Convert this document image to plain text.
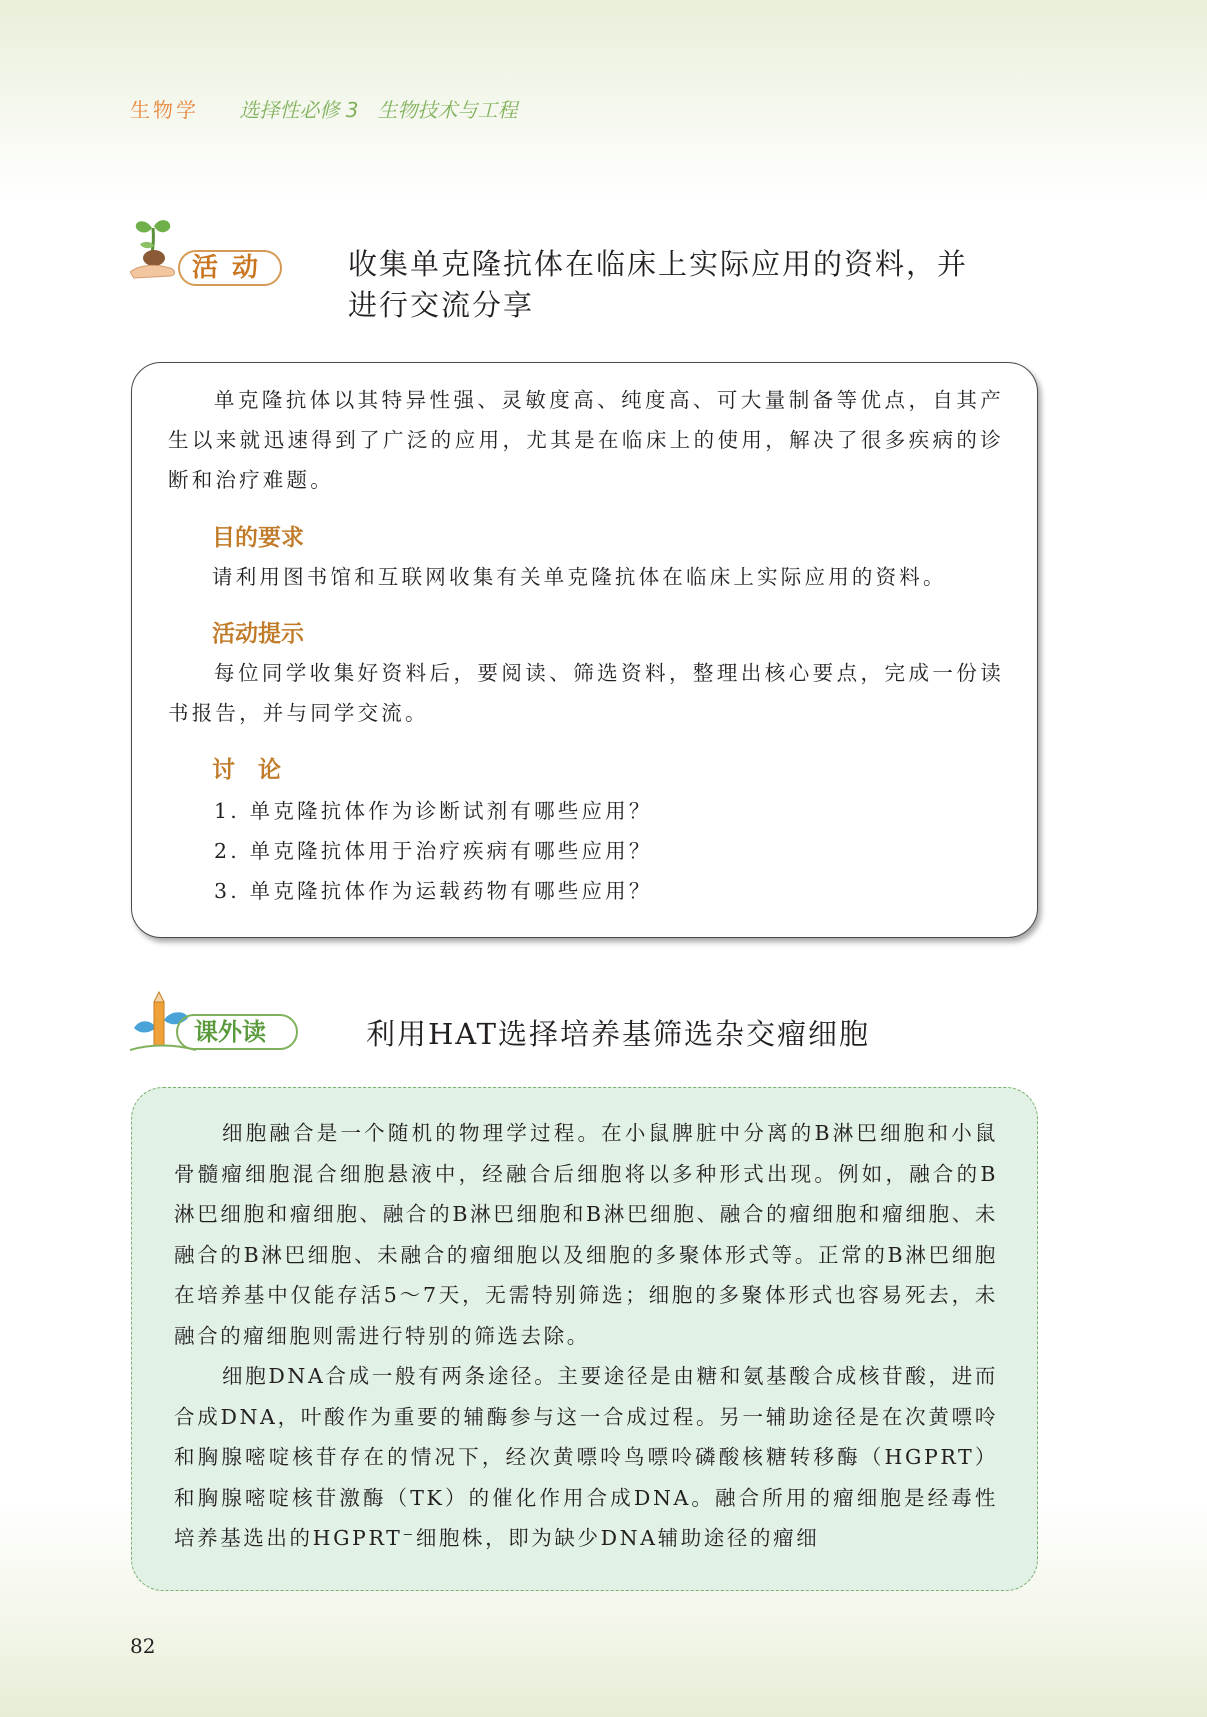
生物学 选择性必修 3   生物技术与工程
活动	收集单克隆抗体在临床上实际应用的资料，并
进行交流分享
单克隆抗体以其特异性强、灵敏度高、纯度高、可大量制备等优点，自其产生以来就迅速得到了广泛的应用，尤其是在临床上的使用，解决了很多疾病的诊断和治疗难题。
目的要求
请利用图书馆和互联网收集有关单克隆抗体在临床上实际应用的资料。
活动提示
每位同学收集好资料后，要阅读、筛选资料，整理出核心要点，完成一份读书报告，并与同学交流。
讨　论
1. 单克隆抗体作为诊断试剂有哪些应用？
2. 单克隆抗体用于治疗疾病有哪些应用？
3. 单克隆抗体作为运载药物有哪些应用？
课外读	利用HAT选择培养基筛选杂交瘤细胞
细胞融合是一个随机的物理学过程。在小鼠脾脏中分离的B淋巴细胞和小鼠骨髓瘤细胞混合细胞悬液中，经融合后细胞将以多种形式出现。例如，融合的B淋巴细胞和瘤细胞、融合的B淋巴细胞和B淋巴细胞、融合的瘤细胞和瘤细胞、未融合的B淋巴细胞、未融合的瘤细胞以及细胞的多聚体形式等。正常的B淋巴细胞在培养基中仅能存活5～7天，无需特别筛选；细胞的多聚体形式也容易死去，未融合的瘤细胞则需进行特别的筛选去除。
细胞DNA合成一般有两条途径。主要途径是由糖和氨基酸合成核苷酸，进而合成DNA，叶酸作为重要的辅酶参与这一合成过程。另一辅助途径是在次黄嘌呤和胸腺嘧啶核苷存在的情况下，经次黄嘌呤鸟嘌呤磷酸核糖转移酶（HGPRT）和胸腺嘧啶核苷激酶（TK）的催化作用合成DNA。融合所用的瘤细胞是经毒性培养基选出的HGPRT⁻细胞株，即为缺少DNA辅助途径的瘤细
82
